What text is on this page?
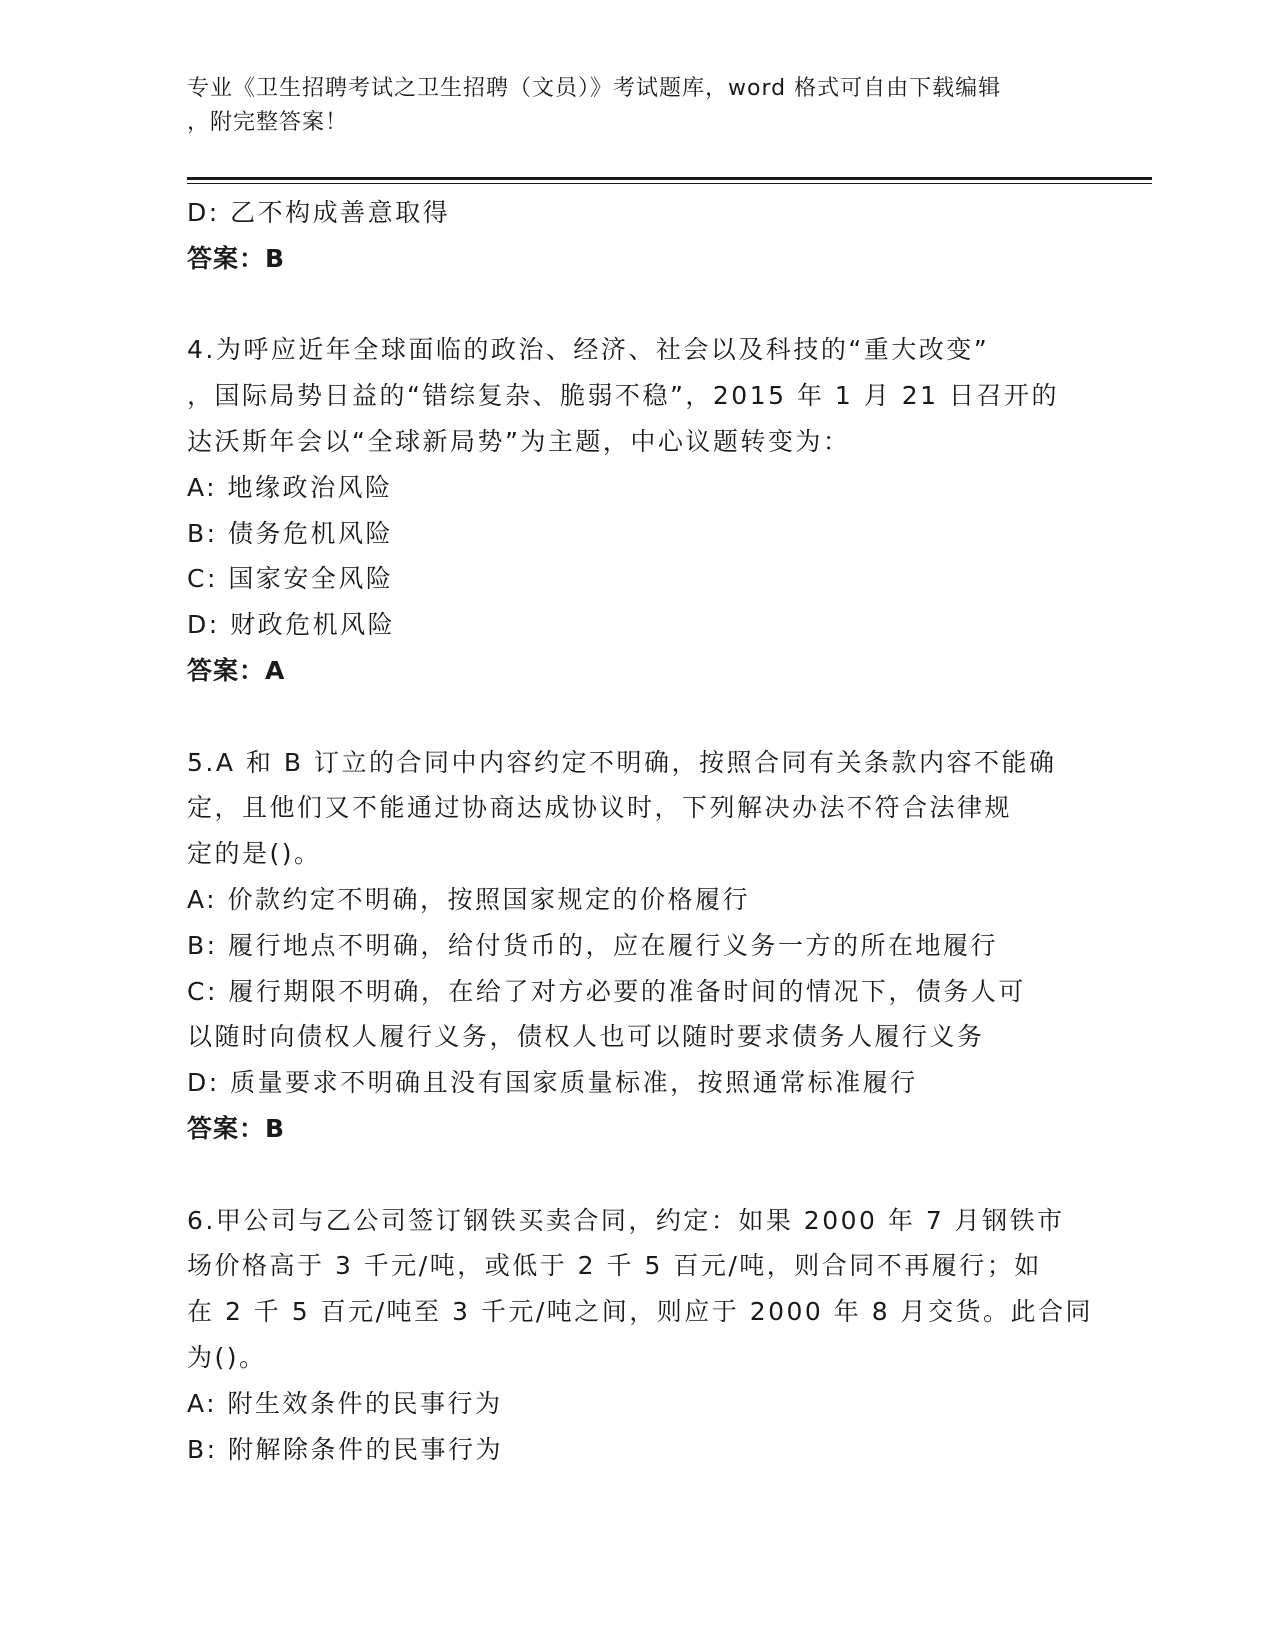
专业《卫生招聘考试之卫生招聘（文员）》考试题库，word 格式可自由下载编辑
，附完整答案！
D: 乙不构成善意取得
答案：B
4.为呼应近年全球面临的政治、经济、社会以及科技的“重大改变”
，国际局势日益的“错综复杂、脆弱不稳”，2015 年 1 月 21 日召开的
达沃斯年会以“全球新局势”为主题，中心议题转变为：
A: 地缘政治风险
B: 债务危机风险
C: 国家安全风险
D: 财政危机风险
答案：A
5.A 和 B 订立的合同中内容约定不明确，按照合同有关条款内容不能确
定，且他们又不能通过协商达成协议时，下列解决办法不符合法律规
定的是()。
A: 价款约定不明确，按照国家规定的价格履行
B: 履行地点不明确，给付货币的，应在履行义务一方的所在地履行
C: 履行期限不明确，在给了对方必要的准备时间的情况下，债务人可
以随时向债权人履行义务，债权人也可以随时要求债务人履行义务
D: 质量要求不明确且没有国家质量标准，按照通常标准履行
答案：B
6.甲公司与乙公司签订钢铁买卖合同，约定：如果 2000 年 7 月钢铁市
场价格高于 3 千元/吨，或低于 2 千 5 百元/吨，则合同不再履行；如
在 2 千 5 百元/吨至 3 千元/吨之间，则应于 2000 年 8 月交货。此合同
为()。
A: 附生效条件的民事行为
B: 附解除条件的民事行为
